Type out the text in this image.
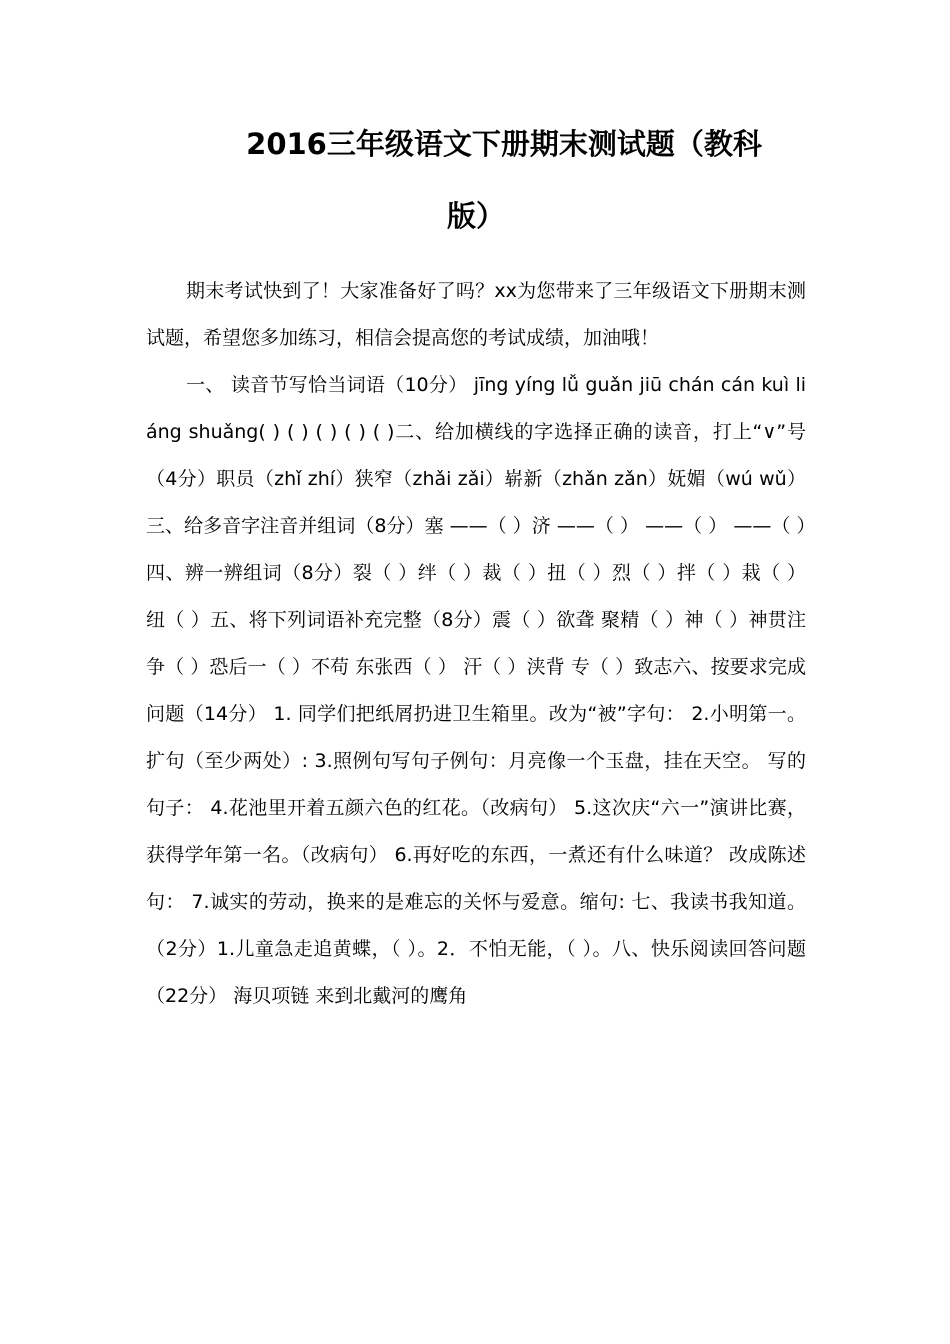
2016三年级语文下册期末测试题（教科
版）

期末考试快到了！大家准备好了吗？xx为您带来了三年级语文下册期末测试题，希望您多加练习，相信会提高您的考试成绩，加油哦！

一、 读音节写恰当词语（10分） jīng yíng lǚ guǎn jiū chán cán kuì liáng shuǎng( ) ( ) ( ) ( ) ( )二、给加横线的字选择正确的读音，打上“∨”号（4分）职员（zhǐ zhí）狭窄（zhǎi zǎi）崭新（zhǎn zǎn）妩媚（wú wǔ）三、给多音字注音并组词（8分）塞 ——（ ）济 ——（ ） ——（ ） ——（ ）四、辨一辨组词（8分）裂（ ）绊（ ）裁（ ）扭（ ）烈（ ）拌（ ）栽（ ）纽（ ）五、将下列词语补充完整（8分）震（ ）欲聋 聚精（ ）神（ ）神贯注 争（ ）恐后一（ ）不苟 东张西（ ） 汗（ ）浃背 专（ ）致志六、按要求完成问题（14分） 1. 同学们把纸屑扔进卫生箱里。改为“被”字句： 2.小明第一。扩句（至少两处）: 3.照例句写句子例句：月亮像一个玉盘，挂在天空。 写的句子： 4.花池里开着五颜六色的红花。（改病句） 5.这次庆“六一”演讲比赛，获得学年第一名。（改病句） 6.再好吃的东西，一煮还有什么味道？ 改成陈述句： 7.诚实的劳动，换来的是难忘的关怀与爱意。缩句: 七、我读书我知道。（2分）1.儿童急走追黄蝶，（ ）。2．不怕无能，（ ）。八、快乐阅读回答问题（22分） 海贝项链 来到北戴河的鹰角
